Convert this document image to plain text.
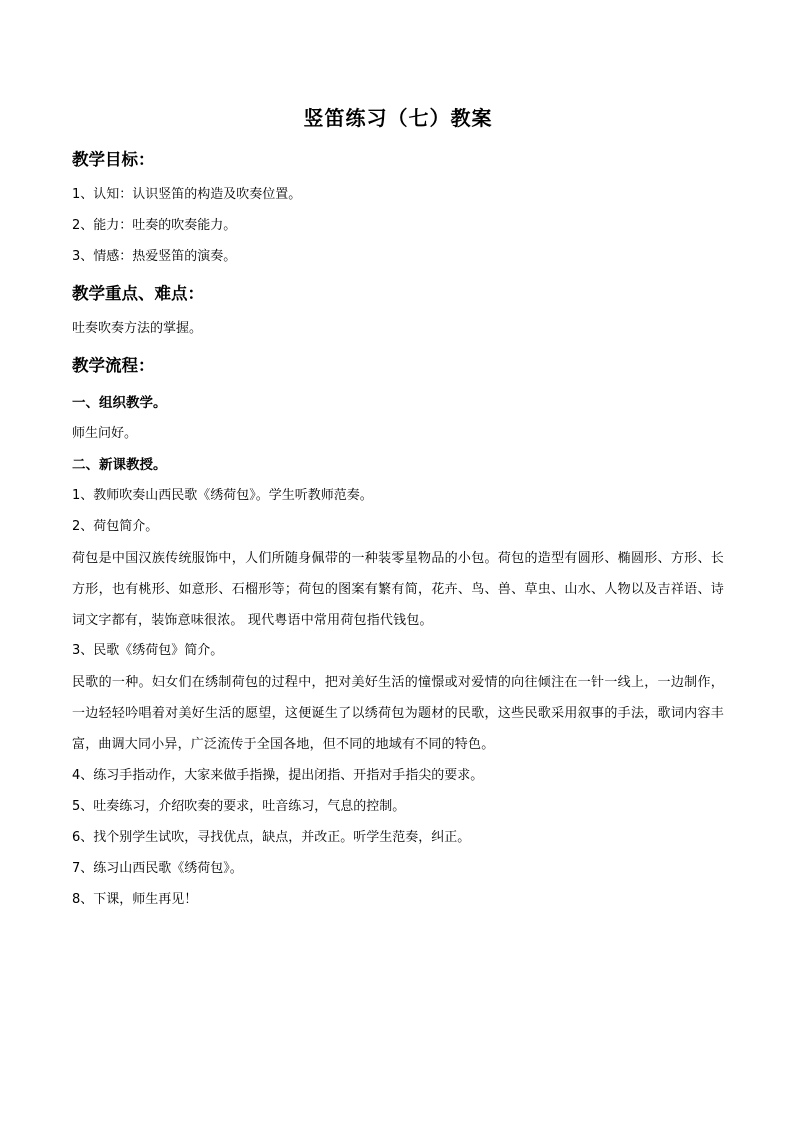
竖笛练习（七）教案
教学目标：
1、认知：认识竖笛的构造及吹奏位置。
2、能力：吐奏的吹奏能力。
3、情感：热爱竖笛的演奏。
教学重点、难点：
吐奏吹奏方法的掌握。
教学流程：
一、组织教学。
师生问好。
二、新课教授。
1、教师吹奏山西民歌《绣荷包》。学生听教师范奏。
2、荷包简介。
荷包是中国汉族传统服饰中，人们所随身佩带的一种装零星物品的小包。荷包的造型有圆形、椭圆形、方形、长方形，也有桃形、如意形、石榴形等；荷包的图案有繁有简，花卉、鸟、兽、草虫、山水、人物以及吉祥语、诗词文字都有，装饰意味很浓。 现代粤语中常用荷包指代钱包。
3、民歌《绣荷包》简介。
民歌的一种。妇女们在绣制荷包的过程中，把对美好生活的憧憬或对爱情的向往倾注在一针一线上，一边制作，一边轻轻吟唱着对美好生活的愿望，这便诞生了以绣荷包为题材的民歌，这些民歌采用叙事的手法，歌词内容丰富，曲调大同小异，广泛流传于全国各地，但不同的地域有不同的特色。
4、练习手指动作，大家来做手指操，提出闭指、开指对手指尖的要求。
5、吐奏练习，介绍吹奏的要求，吐音练习，气息的控制。
6、找个别学生试吹，寻找优点，缺点，并改正。听学生范奏，纠正。
7、练习山西民歌《绣荷包》。
8、下课，师生再见！
